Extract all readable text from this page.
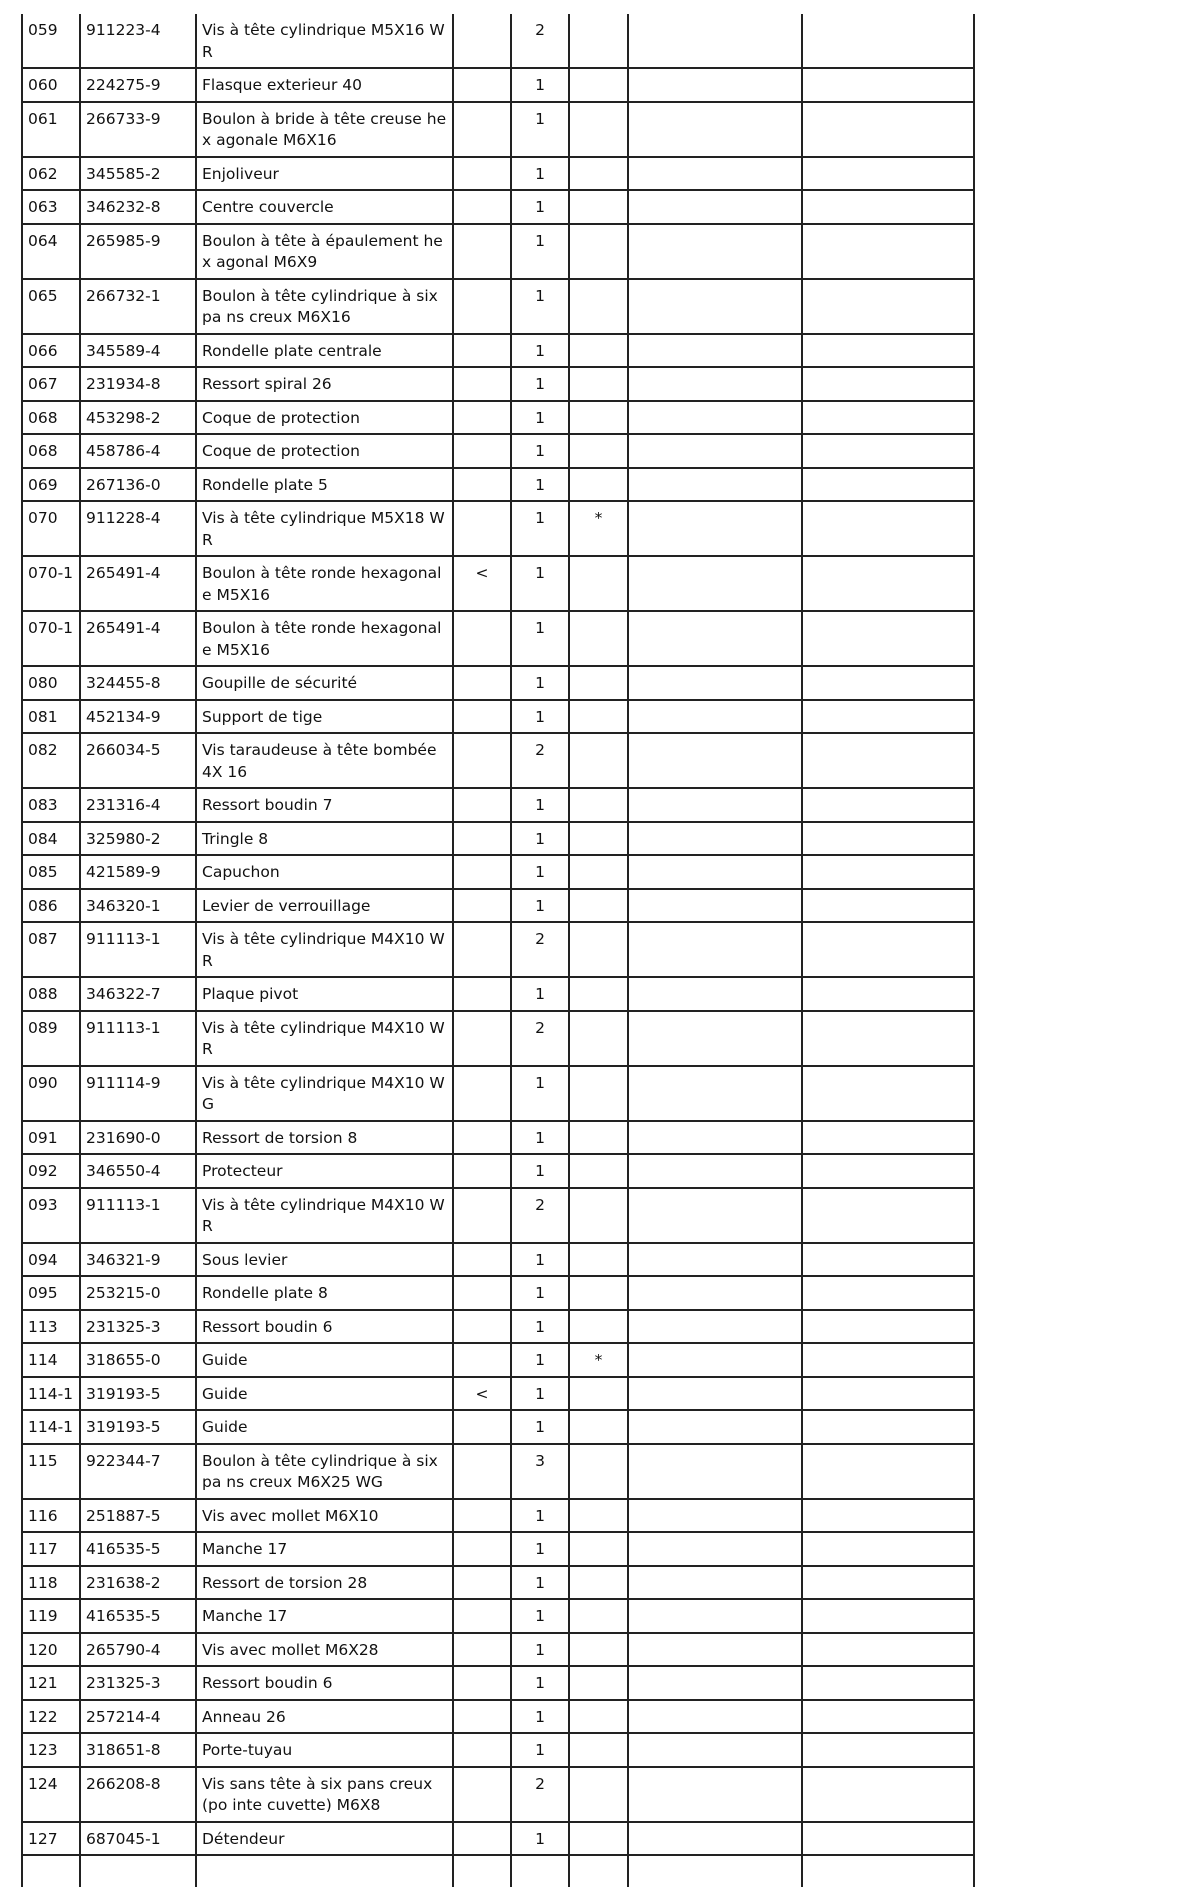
059	911223-4	Vis à tête cylindrique M5X16 WR		2			
060	224275-9	Flasque exterieur 40		1			
061	266733-9	Boulon à bride à tête creuse hex agonale M6X16		1			
062	345585-2	Enjoliveur		1			
063	346232-8	Centre couvercle		1			
064	265985-9	Boulon à tête à épaulement hex agonal M6X9		1			
065	266732-1	Boulon à tête cylindrique à six pa ns creux M6X16		1			
066	345589-4	Rondelle plate centrale		1			
067	231934-8	Ressort spiral 26		1			
068	453298-2	Coque de protection		1			
068	458786-4	Coque de protection		1			
069	267136-0	Rondelle plate 5		1			
070	911228-4	Vis à tête cylindrique M5X18 WR		1	*		
070-1	265491-4	Boulon à tête ronde hexagonale M5X16	<	1			
070-1	265491-4	Boulon à tête ronde hexagonale M5X16		1			
080	324455-8	Goupille de sécurité		1			
081	452134-9	Support de tige		1			
082	266034-5	Vis taraudeuse à tête bombée 4X 16		2			
083	231316-4	Ressort boudin 7		1			
084	325980-2	Tringle 8		1			
085	421589-9	Capuchon		1			
086	346320-1	Levier de verrouillage		1			
087	911113-1	Vis à tête cylindrique M4X10 WR		2			
088	346322-7	Plaque pivot		1			
089	911113-1	Vis à tête cylindrique M4X10 WR		2			
090	911114-9	Vis à tête cylindrique M4X10 WG		1			
091	231690-0	Ressort de torsion 8		1			
092	346550-4	Protecteur		1			
093	911113-1	Vis à tête cylindrique M4X10 WR		2			
094	346321-9	Sous levier		1			
095	253215-0	Rondelle plate 8		1			
113	231325-3	Ressort boudin 6		1			
114	318655-0	Guide		1	*		
114-1	319193-5	Guide	<	1			
114-1	319193-5	Guide		1			
115	922344-7	Boulon à tête cylindrique à six pa ns creux M6X25 WG		3			
116	251887-5	Vis avec mollet M6X10		1			
117	416535-5	Manche 17		1			
118	231638-2	Ressort de torsion 28		1			
119	416535-5	Manche 17		1			
120	265790-4	Vis avec mollet M6X28		1			
121	231325-3	Ressort boudin 6		1			
122	257214-4	Anneau 26		1			
123	318651-8	Porte-tuyau		1			
124	266208-8	Vis sans tête à six pans creux (po inte cuvette) M6X8		2			
127	687045-1	Détendeur		1			
